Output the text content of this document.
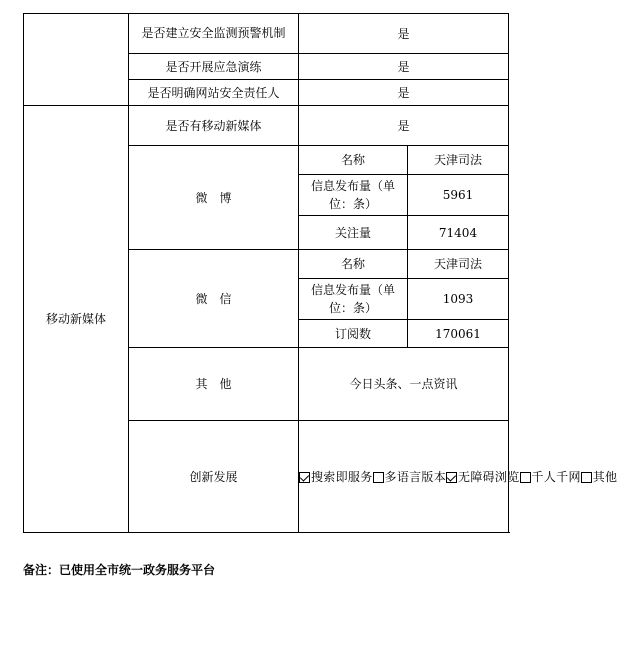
	是否建立安全监测预警机制	是	
	是否开展应急演练	是	
	是否明确网站安全责任人	是	
移动新媒体	是否有移动新媒体	是	
	微　博	名称	天津司法
		信息发布量（单位：条）	5961
		关注量	71404
	微　信	名称	天津司法
		信息发布量（单位：条）	1093
		订阅数	170061
	其　他	今日头条、一点资讯	
	创新发展	搜索即服务 多语言版本 无障碍浏览 千人千网 其他	
备注：已使用全市统一政务服务平台
